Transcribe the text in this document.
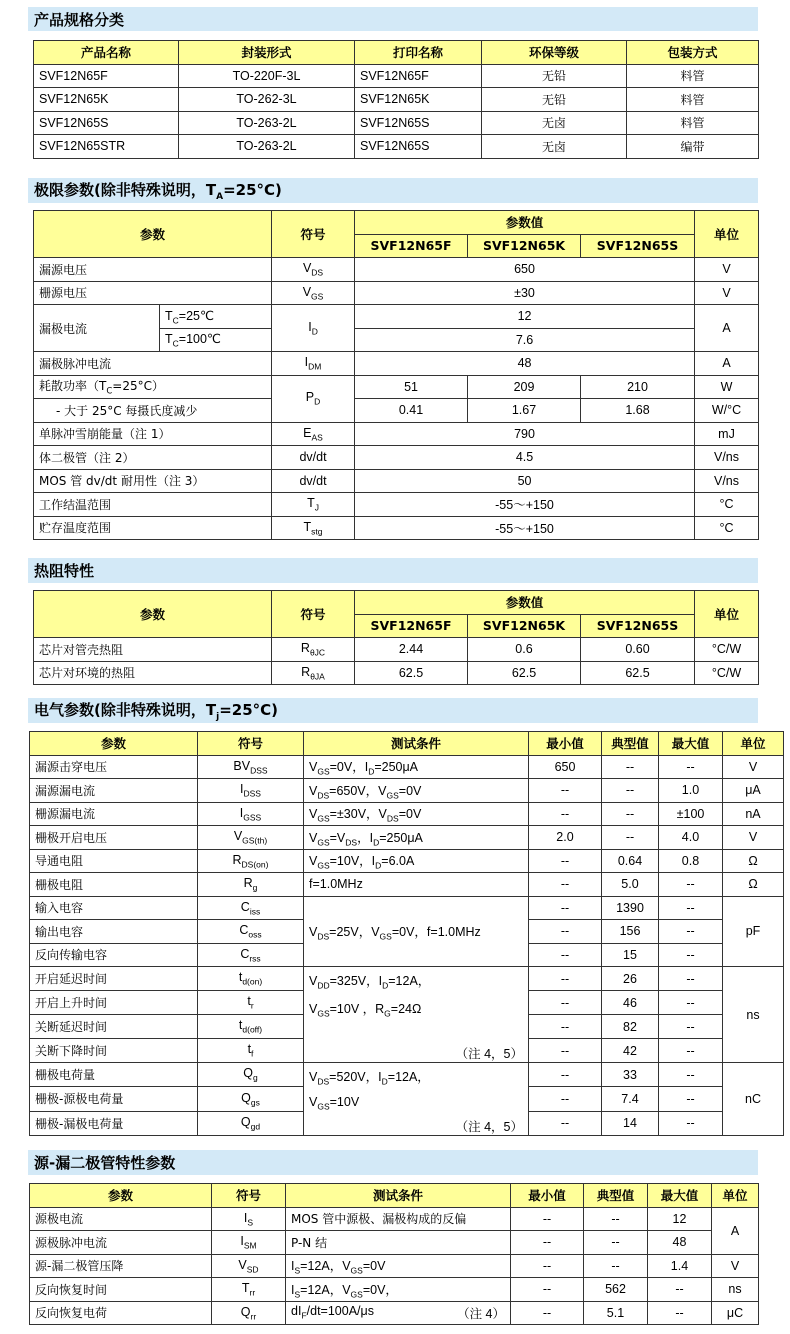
产品规格分类
产品名称	封装形式	打印名称	环保等级	包装方式
SVF12N65F	TO-220F-3L	SVF12N65F	无铅	料管
SVF12N65K	TO-262-3L	SVF12N65K	无铅	料管
SVF12N65S	TO-263-2L	SVF12N65S	无卤	料管
SVF12N65STR	TO-263-2L	SVF12N65S	无卤	编带
极限参数(除非特殊说明，$T_A=25^\circ C$)
参数		符号	参数值			单位
			SVF12N65F	SVF12N65K	SVF12N65S	
漏源电压		$V_{DS}$	650			V
栅源电压		$V_{GS}$	±30			V
漏极电流	$T_C=25℃$	$I_D$	12			A
	$T_C=100℃$		7.6			
漏极脉冲电流		$I_{DM}$	48			A
耗散功率$(T_C=25^\circ C)$		$P_D$	51	209	210	W
- 大于 25°C 每摄氏度减少			0.41	1.67	1.68	W/°C
单脉冲雪崩能量（注 1）		$E_{AS}$	790			mJ
体二极管（注 2）		dv/dt	4.5			V/ns
MOS 管 dv/dt 耐用性（注 3）		dv/dt	50			V/ns
工作结温范围		$T_J$	-55～+150			°C
贮存温度范围		$T_{stg}$	-55～+150			°C
热阻特性
参数	符号	参数值			单位
		SVF12N65F	SVF12N65K	SVF12N65S	
芯片对管壳热阻	$R_{\theta JC}$	2.44	0.6	0.60	°C/W
芯片对环境的热阻	$R_{\theta JA}$	62.5	62.5	62.5	°C/W
电气参数(除非特殊说明，$T_j=25^\circ C$)
参数	符号	测试条件	最小值	典型值	最大值	单位
漏源击穿电压	$BV_{DSS}$	$V_{GS}=0V$，$I_D=250\mu A$	650	--	--	V
漏源漏电流	$I_{DSS}$	$V_{DS}=650V$，$V_{GS}=0V$	--	--	1.0	μA
栅源漏电流	$I_{GSS}$	$V_{GS}=\pm 30V$，$V_{DS}=0V$	--	--	±100	nA
栅极开启电压	$V_{GS(th)}$	$V_{GS}=V_{DS}$，$I_D=250\mu A$	2.0	--	4.0	V
导通电阻	$R_{DS(on)}$	$V_{GS}=10V$，$I_D=6.0A$	--	0.64	0.8	Ω
栅极电阻	$R_g$	f=1.0MHz	--	5.0	--	Ω
输入电容	$C_{iss}$	$V_{DS}=25V$，$V_{GS}=0V$，f=1.0MHz	--	1390	--	pF
输出电容	$C_{oss}$		--	156	--	
反向传输电容	$C_{rss}$		--	15	--	
开启延迟时间	$t_{d(on)}$	$V_{DD}=325V$，$I_D=12A$，
$V_{GS}=10V$ ，$R_G=24\Omega$
（注 4，5）	--	26	--	ns
开启上升时间	$t_r$		--	46	--	
关断延迟时间	$t_{d(off)}$		--	82	--	
关断下降时间	$t_f$		--	42	--	
栅极电荷量	$Q_g$	$V_{DS}=520V$，$I_D=12A$，
$V_{GS}=10V$
（注 4，5）	--	33	--	nC
栅极-源极电荷量	$Q_{gs}$		--	7.4	--	
栅极-漏极电荷量	$Q_{gd}$		--	14	--	
源-漏二极管特性参数
参数	符号	测试条件	最小值	典型值	最大值	单位
源极电流	$I_S$	MOS 管中源极、漏极构成的反偏	--	--	12	A
源极脉冲电流	$I_{SM}$	P-N 结	--	--	48	
源-漏二极管压降	$V_{SD}$	$I_S=12A$，$V_{GS}=0V$	--	--	1.4	V
反向恢复时间	$T_{rr}$	$I_S=12A$，$V_{GS}=0V$，	--	562	--	ns
反向恢复电荷	$Q_{rr}$	$dI_F/dt=100A/\mu s$ （注 4）	--	5.1	--	μC
